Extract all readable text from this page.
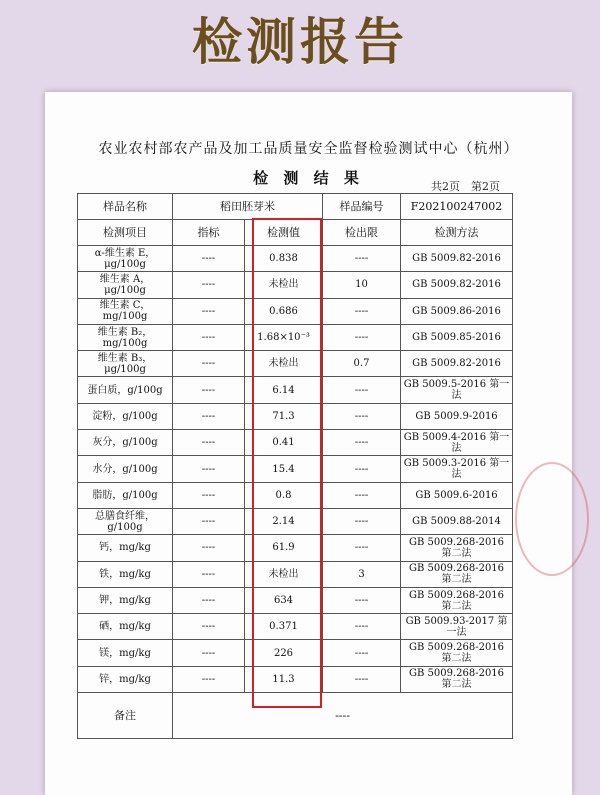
检测报告
农业农村部农产品及加工品质量安全监督检验测试中心（杭州）
检 测 结 果	共2页　第2页
样品名称	稻田胚芽米		样品编号	F202100247002
检测项目	指标	检测值	检出限	检测方法
α-维生素 E，μg/100g	----	0.838	----	GB 5009.82-2016
维生素 A，μg/100g	----	未检出	10	GB 5009.82-2016
维生素 C，mg/100g	----	0.686	----	GB 5009.86-2016
维生素 B₂，mg/100g	----	1.68×10⁻³	----	GB 5009.85-2016
维生素 B₃，μg/100g	----	未检出	0.7	GB 5009.82-2016
蛋白质，g/100g	----	6.14	----	GB 5009.5-2016 第一法
淀粉，g/100g	----	71.3	----	GB 5009.9-2016
灰分，g/100g	----	0.41	----	GB 5009.4-2016 第一法
水分，g/100g	----	15.4	----	GB 5009.3-2016 第一法
脂肪，g/100g	----	0.8	----	GB 5009.6-2016
总膳食纤维，g/100g	----	2.14	----	GB 5009.88-2014
钙，mg/kg	----	61.9	----	GB 5009.268-2016 第二法
铁，mg/kg	----	未检出	3	GB 5009.268-2016 第二法
钾，mg/kg	----	634	----	GB 5009.268-2016 第二法
硒，mg/kg	----	0.371	----	GB 5009.93-2017 第一法
镁，mg/kg	----	226	----	GB 5009.268-2016 第二法
锌，mg/kg	----	11.3	----	GB 5009.268-2016 第二法
备注	----			
